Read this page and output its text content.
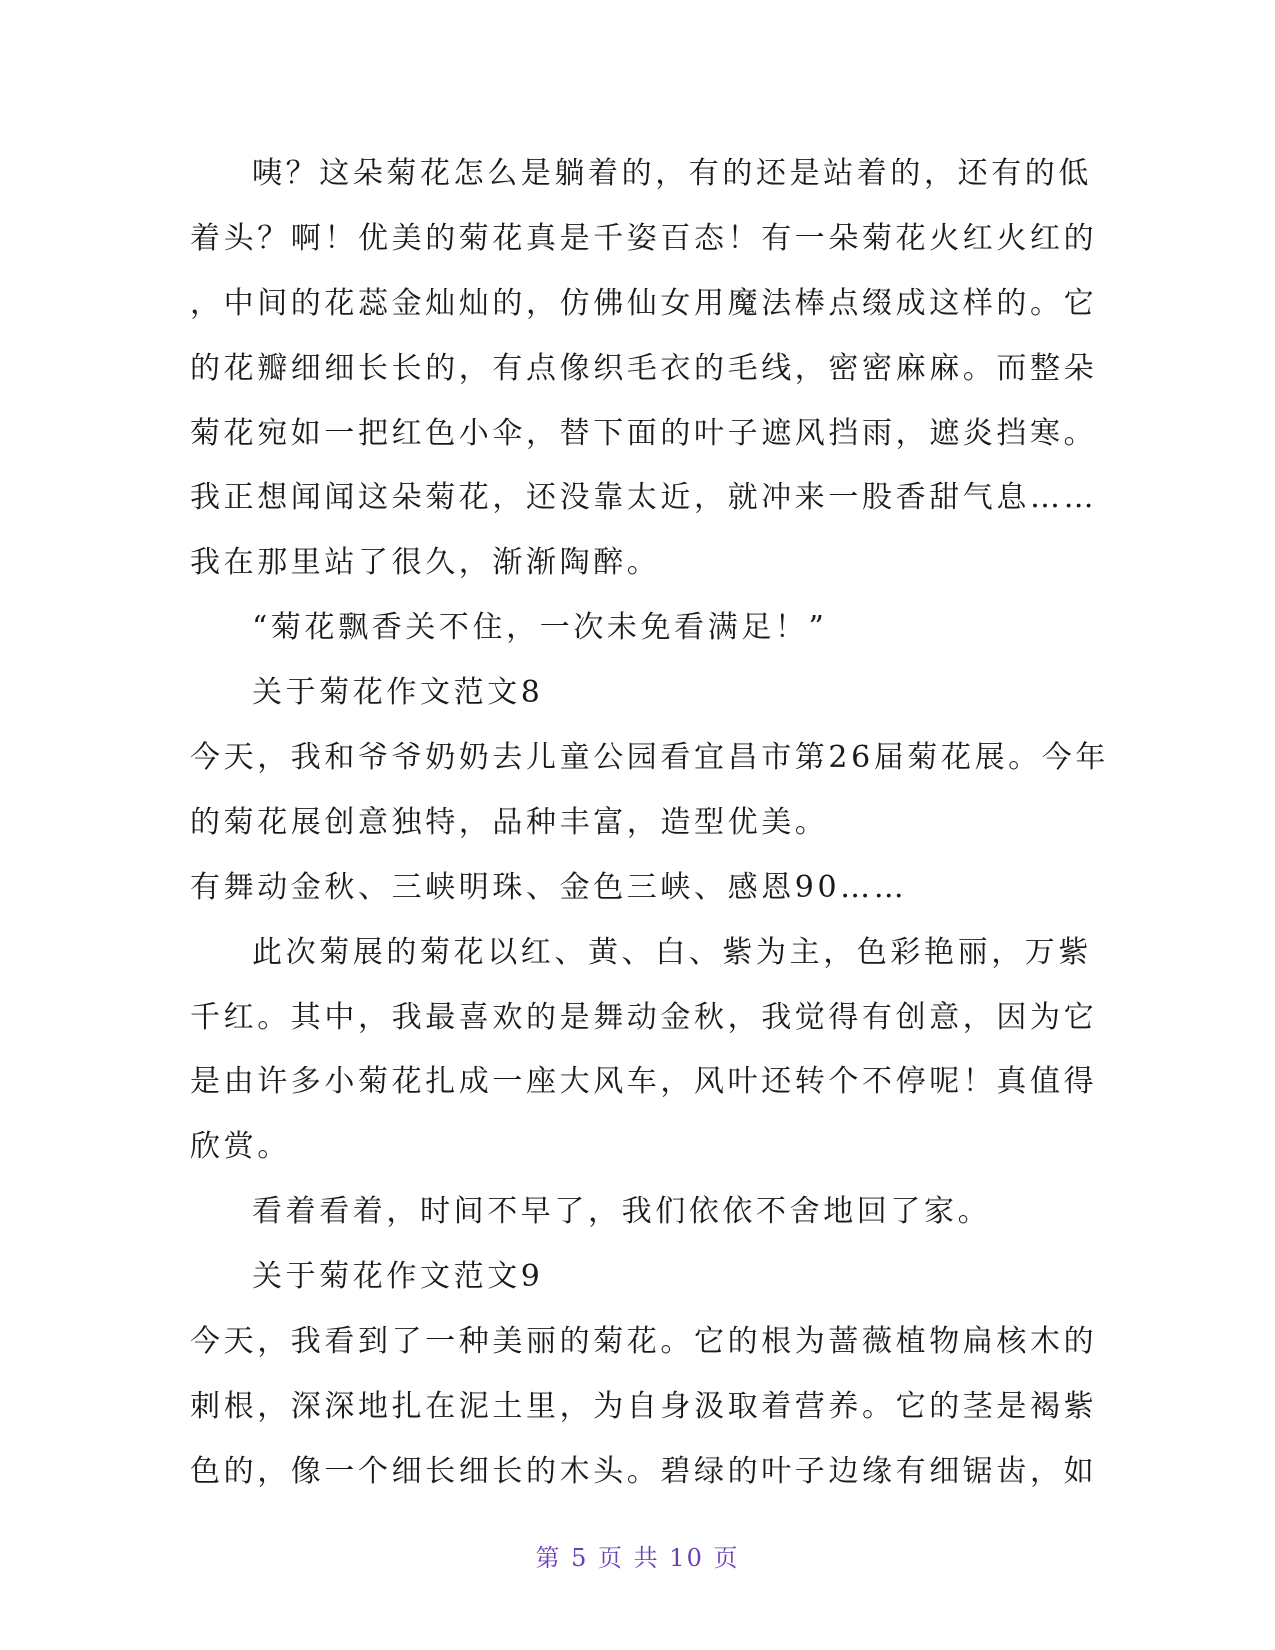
咦？这朵菊花怎么是躺着的，有的还是站着的，还有的低
着头？啊！优美的菊花真是千姿百态！有一朵菊花火红火红的
，中间的花蕊金灿灿的，仿佛仙女用魔法棒点缀成这样的。它
的花瓣细细长长的，有点像织毛衣的毛线，密密麻麻。而整朵
菊花宛如一把红色小伞，替下面的叶子遮风挡雨，遮炎挡寒。
我正想闻闻这朵菊花，还没靠太近，就冲来一股香甜气息……
我在那里站了很久，渐渐陶醉。
“菊花飘香关不住，一次未免看满足！”
关于菊花作文范文8
今天，我和爷爷奶奶去儿童公园看宜昌市第26届菊花展。今年
的菊花展创意独特，品种丰富，造型优美。
有舞动金秋、三峡明珠、金色三峡、感恩90……
此次菊展的菊花以红、黄、白、紫为主，色彩艳丽，万紫
千红。其中，我最喜欢的是舞动金秋，我觉得有创意，因为它
是由许多小菊花扎成一座大风车，风叶还转个不停呢！真值得
欣赏。
看着看着，时间不早了，我们依依不舍地回了家。
关于菊花作文范文9
今天，我看到了一种美丽的菊花。它的根为蔷薇植物扁核木的
刺根，深深地扎在泥土里，为自身汲取着营养。它的茎是褐紫
色的，像一个细长细长的木头。碧绿的叶子边缘有细锯齿，如
第 5 页 共 10 页
